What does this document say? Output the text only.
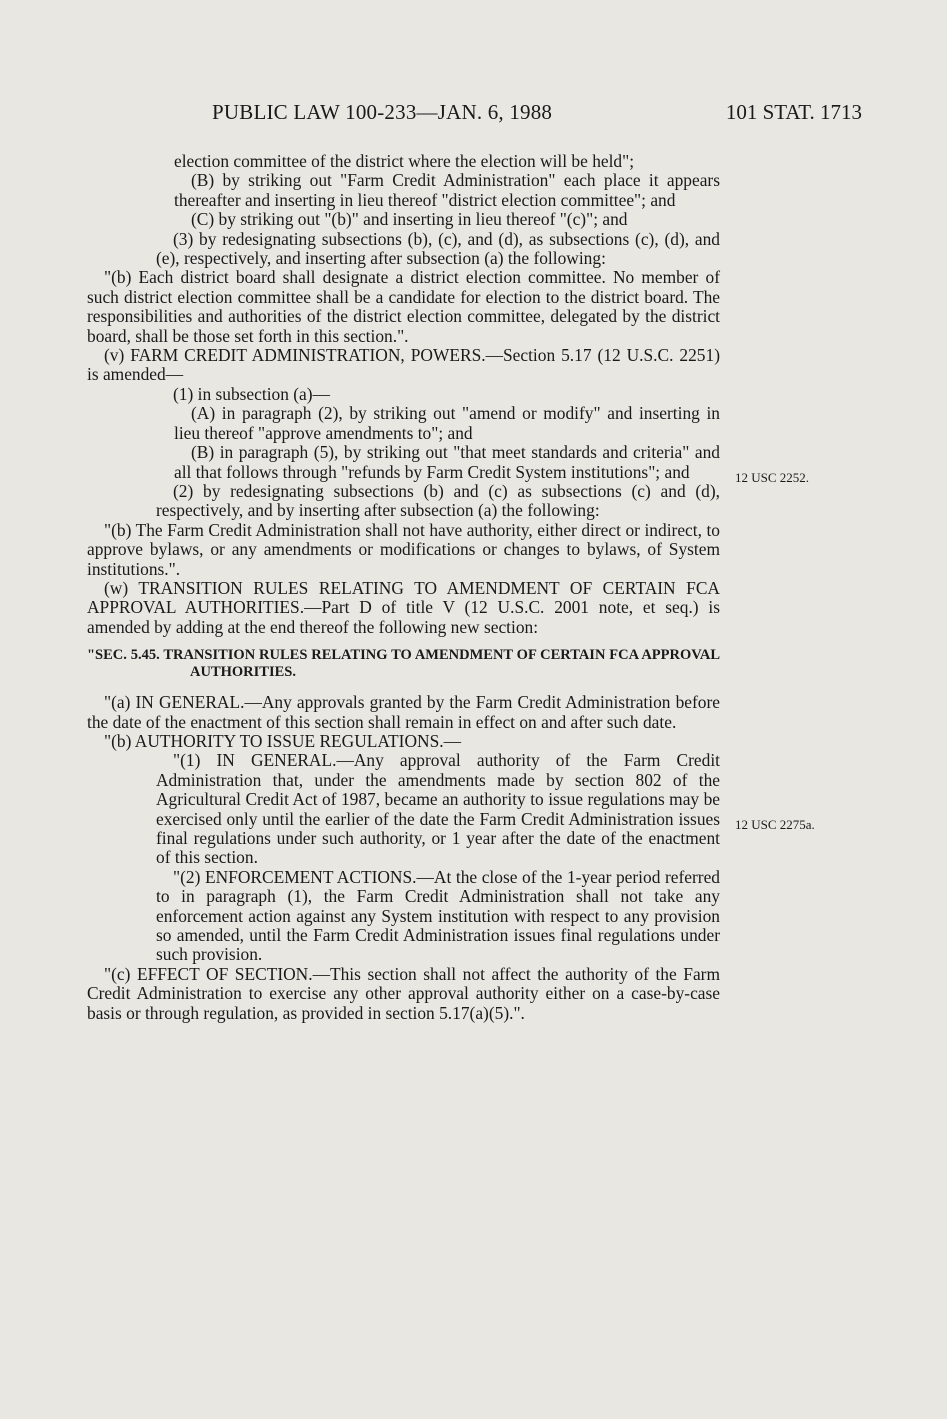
PUBLIC LAW 100-233—JAN. 6, 1988	101 STAT. 1713

election committee of the district where the election will be held";

(B) by striking out "Farm Credit Administration" each place it appears thereafter and inserting in lieu thereof "district election committee"; and

(C) by striking out "(b)" and inserting in lieu thereof "(c)"; and

(3) by redesignating subsections (b), (c), and (d), as subsections (c), (d), and (e), respectively, and inserting after subsection (a) the following:

"(b) Each district board shall designate a district election committee. No member of such district election committee shall be a candidate for election to the district board. The responsibilities and authorities of the district election committee, delegated by the district board, shall be those set forth in this section.".

(v) FARM CREDIT ADMINISTRATION, POWERS.—Section 5.17 (12 U.S.C. 2251) is amended—

(1) in subsection (a)—

(A) in paragraph (2), by striking out "amend or modify" and inserting in lieu thereof "approve amendments to"; and

(B) in paragraph (5), by striking out "that meet standards and criteria" and all that follows through "refunds by Farm Credit System institutions"; and

(2) by redesignating subsections (b) and (c) as subsections (c) and (d), respectively, and by inserting after subsection (a) the following:

"(b) The Farm Credit Administration shall not have authority, either direct or indirect, to approve bylaws, or any amendments or modifications or changes to bylaws, of System institutions.".

(w) TRANSITION RULES RELATING TO AMENDMENT OF CERTAIN FCA APPROVAL AUTHORITIES.—Part D of title V (12 U.S.C. 2001 note, et seq.) is amended by adding at the end thereof the following new section:

"SEC. 5.45. TRANSITION RULES RELATING TO AMENDMENT OF CERTAIN FCA APPROVAL AUTHORITIES.

"(a) IN GENERAL.—Any approvals granted by the Farm Credit Administration before the date of the enactment of this section shall remain in effect on and after such date.

"(b) AUTHORITY TO ISSUE REGULATIONS.—

"(1) IN GENERAL.—Any approval authority of the Farm Credit Administration that, under the amendments made by section 802 of the Agricultural Credit Act of 1987, became an authority to issue regulations may be exercised only until the earlier of the date the Farm Credit Administration issues final regulations under such authority, or 1 year after the date of the enactment of this section.

"(2) ENFORCEMENT ACTIONS.—At the close of the 1-year period referred to in paragraph (1), the Farm Credit Administration shall not take any enforcement action against any System institution with respect to any provision so amended, until the Farm Credit Administration issues final regulations under such provision.

"(c) EFFECT OF SECTION.—This section shall not affect the authority of the Farm Credit Administration to exercise any other approval authority either on a case-by-case basis or through regulation, as provided in section 5.17(a)(5).".

12 USC 2252.
12 USC 2275a.
